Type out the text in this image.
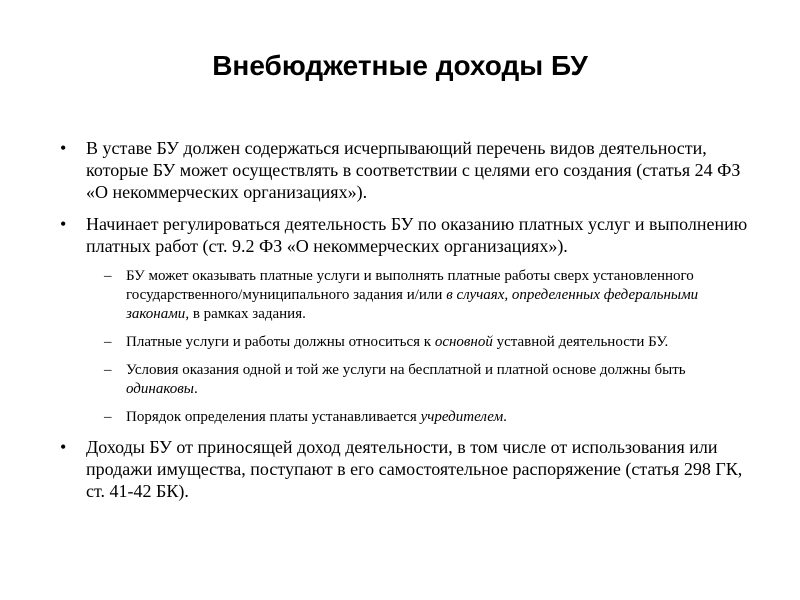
Внебюджетные доходы БУ
• В уставе БУ должен содержаться исчерпывающий перечень видов деятельности, которые БУ может осуществлять в соответствии с целями его создания (статья 24 ФЗ «О некоммерческих организациях»).
• Начинает регулироваться деятельность БУ по оказанию платных услуг и выполнению платных работ (ст. 9.2 ФЗ «О некоммерческих организациях»).
– БУ может оказывать платные услуги и выполнять платные работы сверх установленного государственного/муниципального задания и/или в случаях, определенных федеральными законами, в рамках задания.
– Платные услуги и работы должны относиться к основной уставной деятельности БУ.
– Условия оказания одной и той же услуги на бесплатной и платной основе должны быть одинаковы.
– Порядок определения платы устанавливается учредителем.
• Доходы БУ от приносящей доход деятельности, в том числе от использования или продажи имущества, поступают в его самостоятельное распоряжение (статья 298 ГК, ст. 41-42 БК).
